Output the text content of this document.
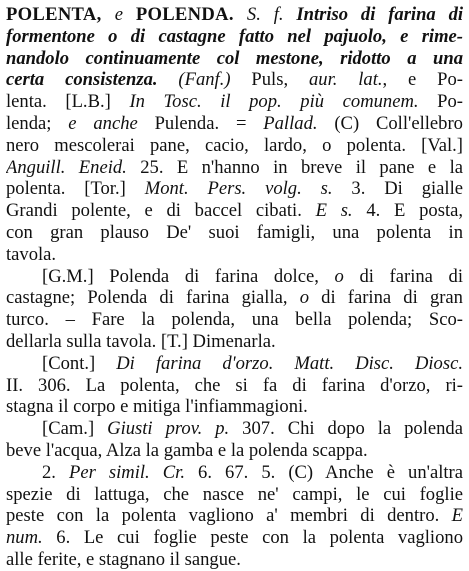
POLENTA, e POLENDA. S. f. Intriso di farina di
formentone o di castagne fatto nel pajuolo, e rime-
nandolo continuamente col mestone, ridotto a una
certa consistenza. (Fanf.) Puls, aur. lat., e Po-
lenta. [L.B.] In Tosc. il pop. più comunem. Po-
lenda; e anche Pulenda. = Pallad. (C) Coll'ellebro
nero mescolerai pane, cacio, lardo, o polenta. [Val.]
Anguill. Eneid. 25. E n'hanno in breve il pane e la
polenta. [Tor.] Mont. Pers. volg. s. 3. Di gialle
Grandi polente, e di baccel cibati. E s. 4. E posta,
con gran plauso De' suoi famigli, una polenta in
tavola.
[G.M.] Polenda di farina dolce, o di farina di
castagne; Polenda di farina gialla, o di farina di gran
turco. – Fare la polenda, una bella polenda; Sco-
dellarla sulla tavola. [T.] Dimenarla.
[Cont.] Di farina d'orzo. Matt. Disc. Diosc.
II. 306. La polenta, che si fa di farina d'orzo, ri-
stagna il corpo e mitiga l'infiammagioni.
[Cam.] Giusti prov. p. 307. Chi dopo la polenda
beve l'acqua, Alza la gamba e la polenda scappa.
2. Per simil. Cr. 6. 67. 5. (C) Anche è un'altra
spezie di lattuga, che nasce ne' campi, le cui foglie
peste con la polenta vagliono a' membri di dentro. E
num. 6. Le cui foglie peste con la polenta vagliono
alle ferite, e stagnano il sangue.
